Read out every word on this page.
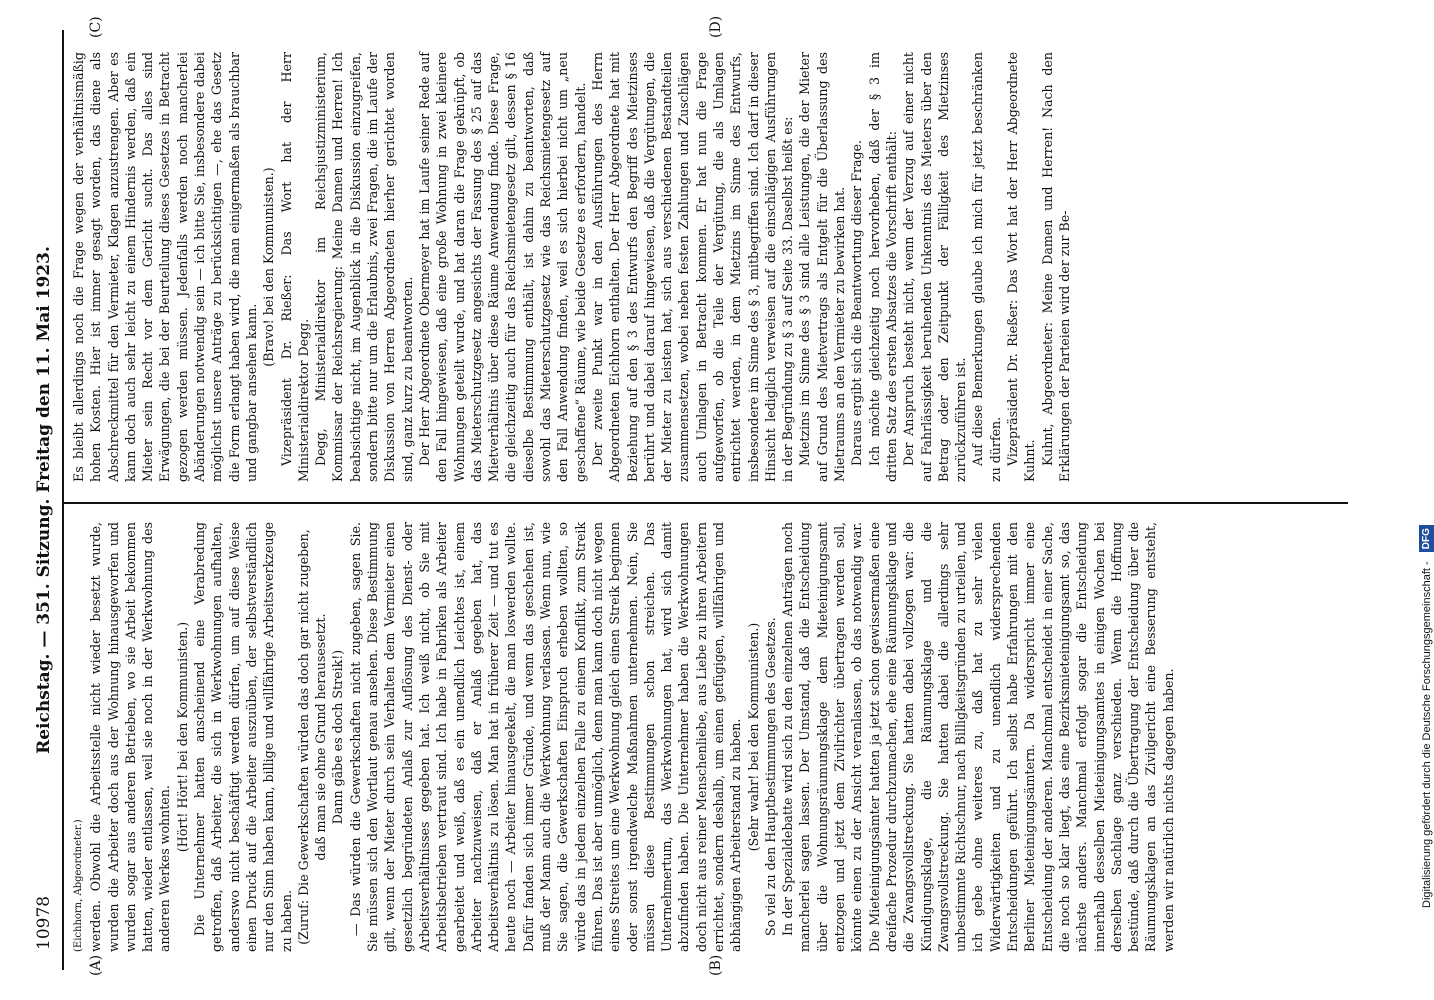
10978
Reichstag. — 351. Sitzung. Freitag den 11. Mai 1923.
(A)	(B)
(C)	(D)

(Eichhorn, Abgeordneter.) werden. Obwohl die Arbeitsstelle nicht wieder besetzt wurde, wurden die Arbeiter doch aus der Wohnung hinausgeworfen und wurden sogar aus anderen Betrieben, wo sie Arbeit bekommen hatten, wieder entlassen, weil sie noch in der Werkwohnung des anderen Werkes wohnten.

(Hört! Hört! bei den Kommunisten.) Die Unternehmer hatten anscheinend eine Verabredung getroffen, daß Arbeiter, die sich in Werkwohnungen aufhalten, anderswo nicht beschäftigt werden dürfen, um auf diese Weise einen Druck auf die Arbeiter auszuüben, der selbstverständlich nur den Sinn haben kann, billige und willfährige Arbeitswerkzeuge zu haben. (Zuruf: Die Gewerkschaften würden das doch gar nicht zugeben, daß man sie ohne Grund herausesetzt. Dann gäbe es doch Streik!) — Das würden die Gewerkschaften nicht zugeben, sagen Sie. Sie müssen sich den Wortlaut genau ansehen. Diese Bestimmung gilt, wenn der Mieter durch sein Verhalten dem Vermieter einen gesetzlich begründeten Anlaß zur Auflösung des Dienst- oder Arbeitsverhältnisses gegeben hat. Ich weiß nicht, ob Sie mit Arbeitsbetrieben vertraut sind. Ich habe in Fabriken als Arbeiter gearbeitet und weiß, daß es ein unendlich Leichtes ist, einem Arbeiter nachzuweisen, daß er Anlaß gegeben hat, das Arbeitsverhältnis zu lösen. Man hat in früherer Zeit — und tut es heute noch — Arbeiter hinausgeekelt, die man loswerden wollte. Dafür fanden sich immer Gründe, und wenn das geschehen ist, muß der Mann auch die Werkwohnung verlassen. Wenn nun, wie Sie sagen, die Gewerkschaften Einspruch erheben wollten, so würde das in jedem einzelnen Falle zu einem Konflikt, zum Streik führen. Das ist aber unmöglich, denn man kann doch nicht wegen eines Streites um eine Werkwohnung gleich einen Streik beginnen oder sonst irgendwelche Maßnahmen unternehmen. Nein, Sie müssen diese Bestimmungen schon streichen. Das Unternehmertum, das Werkwohnungen hat, wird sich damit abzufinden haben. Die Unternehmer haben die Werkwohnungen doch nicht aus reiner Menschenliebe, aus Liebe zu ihren Arbeitern errichtet, sondern deshalb, um einen gefügigen, willfährigen und abhängigen Arbeiterstand zu haben. (Sehr wahr! bei den Kommunisten.) So viel zu den Hauptbestimmungen des Gesetzes. In der Spezialdebatte wird sich zu den einzelnen Anträgen noch mancherlei sagen lassen. Der Umstand, daß die Entscheidung über die Wohnungsräumungsklage dem Mieteinigungsamt entzogen und jetzt dem Zivilrichter übertragen werden soll, könnte einen zu der Ansicht veranlassen, ob das notwendig war. Die Mieteinigungsämter hatten ja jetzt schon gewissermaßen eine dreifache Prozedur durchzumachen, ehe eine Räumungsklage und die Zwangsvollstreckung. Sie hatten dabei vollzogen war: die Kündigungsklage, die Räumungsklage und die Zwangsvollstreckung. Sie hatten dabei die allerdings sehr unbestimmte Richtschnur, nach Billigkeitsgründen zu urteilen, und ich gebe ohne weiteres zu, daß hat zu sehr vielen Widerwärtigkeiten und zu unendlich widersprechenden Entscheidungen geführt. Ich selbst habe Erfahrungen mit den Berliner Mieteinigungsämtern. Da widerspricht immer eine Entscheidung der anderen. Manchmal entscheidet in einer Sache, die noch so klar liegt, das eine Bezirksmieteinigungsamt so, das nächste anders. Manchmal erfolgt sogar die Entscheidung innerhalb desselben Mieteinigungsamtes in einigen Wochen bei derselben Sachlage ganz verschieden. Wenn die Hoffnung bestünde, daß durch die Übertragung der Entscheidung über die Räumungsklagen an das Zivilgericht eine Besserung entsteht, werden wir natürlich nichts dagegen haben.

Es bleibt allerdings noch die Frage wegen der verhältnismäßig hohen Kosten. Hier ist immer gesagt worden, das diene als Abschreckmittel für den Vermieter, Klagen anzustrengen. Aber es kann doch auch sehr leicht zu einem Hindernis werden, daß ein Mieter sein Recht vor dem Gericht sucht. Das alles sind Erwägungen, die bei der Beurteilung dieses Gesetzes in Betracht gezogen werden müssen. Jedenfalls werden noch mancherlei Abänderungen notwendig sein — ich bitte Sie, insbesondere dabei möglichst unsere Anträge zu berücksichtigen —, ehe das Gesetz die Form erlangt haben wird, die man einigermaßen als brauchbar und gangbar ansehen kann.

(Bravo! bei den Kommunisten.) Vizepräsident Dr. Rießer: Das Wort hat der Herr Ministerialdirektor Degg. Degg, Ministerialdirektor im Reichsjustizministerium, Kommissar der Reichsregierung: Meine Damen und Herren! Ich beabsichtige nicht, im Augenblick in die Diskussion einzugreifen, sondern bitte nur um die Erlaubnis, zwei Fragen, die im Laufe der Diskussion von Herren Abgeordneten hierher gerichtet worden sind, ganz kurz zu beantworten. Der Herr Abgeordnete Obermeyer hat im Laufe seiner Rede auf den Fall hingewiesen, daß eine große Wohnung in zwei kleinere Wohnungen geteilt wurde, und hat daran die Frage geknüpft, ob das Mieterschutzgesetz angesichts der Fassung des § 25 auf das Mietverhältnis über diese Räume Anwendung finde. Diese Frage, die gleichzeitig auch für das Reichsmietengesetz gilt, dessen § 16 dieselbe Bestimmung enthält, ist dahin zu beantworten, daß sowohl das Mieterschutzgesetz wie das Reichsmietengesetz auf den Fall Anwendung finden, weil es sich hierbei nicht um „neu geschaffene“ Räume, wie beide Gesetze es erfordern, handelt. Der zweite Punkt war in den Ausführungen des Herrn Abgeordneten Eichhorn enthalten. Der Herr Abgeordnete hat mit Beziehung auf den § 3 des Entwurfs den Begriff des Mietzinses berührt und dabei darauf hingewiesen, daß die Vergütungen, die der Mieter zu leisten hat, sich aus verschiedenen Bestandteilen zusammensetzen, wobei neben festen Zahlungen und Zuschlägen auch Umlagen in Betracht kommen. Er hat nun die Frage aufgeworfen, ob die Teile der Vergütung, die als Umlagen entrichtet werden, in dem Mietzins im Sinne des Entwurfs, insbesondere im Sinne des § 3, mitbegriffen sind. Ich darf in dieser Hinsicht lediglich verweisen auf die einschlägigen Ausführungen in der Begründung zu § 3 auf Seite 33. Daselbst heißt es: Mietzins im Sinne des § 3 sind alle Leistungen, die der Mieter auf Grund des Mietvertrags als Entgelt für die Überlassung des Mietraums an den Vermieter zu bewirken hat. Daraus ergibt sich die Beantwortung dieser Frage. Ich möchte gleichzeitig noch hervorheben, daß der § 3 im dritten Satz des ersten Absatzes die Vorschrift enthält: Der Anspruch besteht nicht, wenn der Verzug auf einer nicht auf Fahrlässigkeit beruhenden Unkenntnis des Mieters über den Betrag oder den Zeitpunkt der Fälligkeit des Mietzinses zurückzuführen ist. Auf diese Bemerkungen glaube ich mich für jetzt beschränken zu dürfen. Vizepräsident Dr. Rießer: Das Wort hat der Herr Abgeordnete Kuhnt. Kuhnt, Abgeordneter: Meine Damen und Herren! Nach den Erklärungen der Parteien wird der zur Be-

Digitalisierung gefördert durch die Deutsche Forschungsgemeinschaft - DFG
